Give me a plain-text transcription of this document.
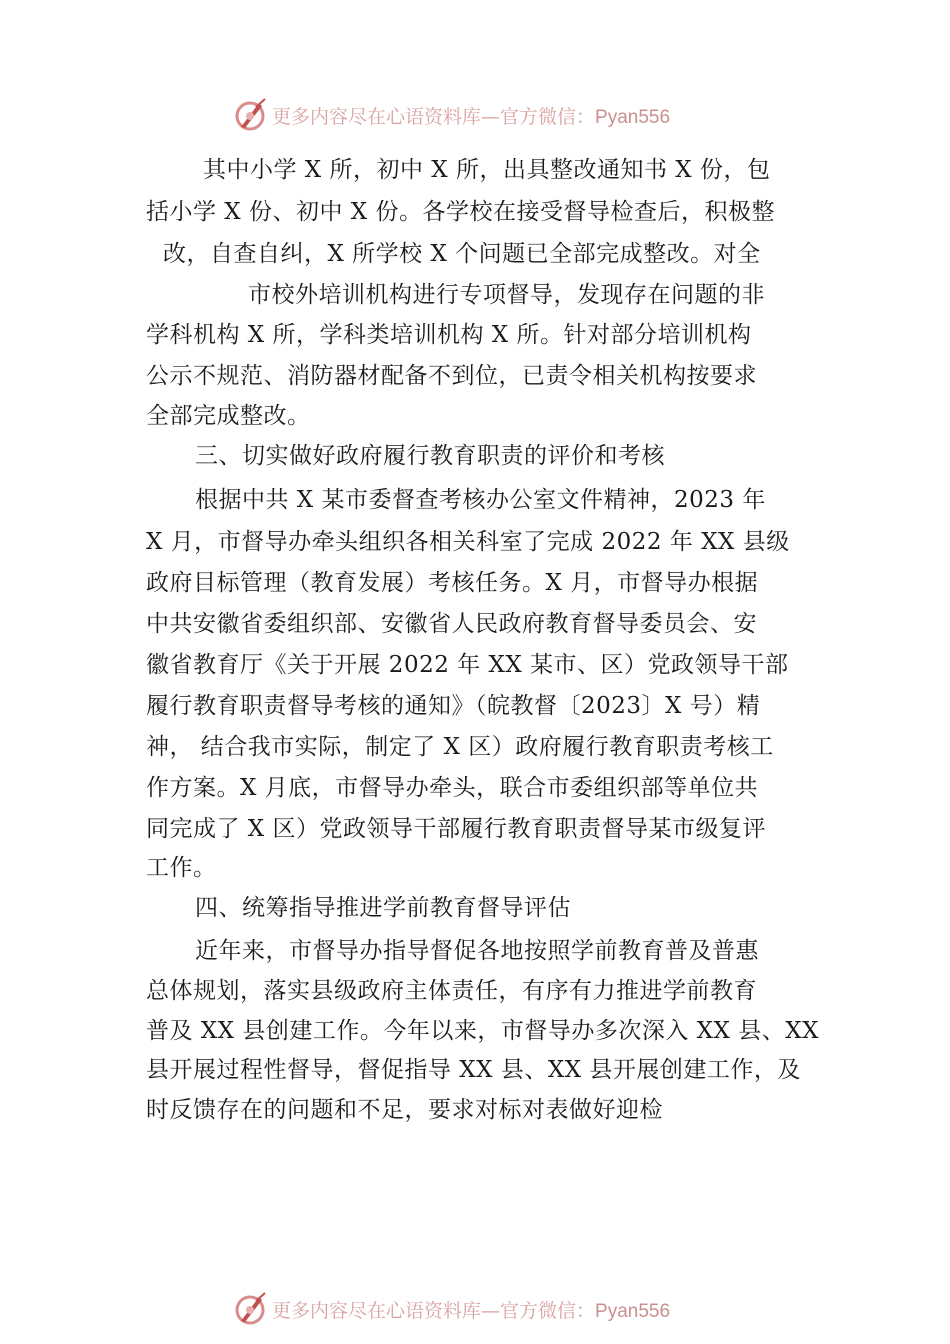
更多内容尽在心语资料库—官方微信：Pyan556
其中小学 X 所，初中 X 所，出具整改通知书 X 份，包
括小学 X 份、初中 X 份。各学校在接受督导检查后，积极整
改，自查自纠，X 所学校 X 个问题已全部完成整改。对全
市校外培训机构进行专项督导，发现存在问题的非
学科机构 X 所，学科类培训机构 X 所。针对部分培训机构
公示不规范、消防器材配备不到位，已责令相关机构按要求
全部完成整改。
三、切实做好政府履行教育职责的评价和考核
根据中共 X 某市委督查考核办公室文件精神，2023 年
X 月，市督导办牵头组织各相关科室了完成 2022 年 XX 县级
政府目标管理（教育发展）考核任务。X 月，市督导办根据
中共安徽省委组织部、安徽省人民政府教育督导委员会、安
徽省教育厅《关于开展 2022 年 XX 某市、区）党政领导干部
履行教育职责督导考核的通知》（皖教督〔2023〕X 号）精
神， 结合我市实际，制定了 X 区）政府履行教育职责考核工
作方案。X 月底，市督导办牵头，联合市委组织部等单位共
同完成了 X 区）党政领导干部履行教育职责督导某市级复评
工作。
四、统筹指导推进学前教育督导评估
近年来，市督导办指导督促各地按照学前教育普及普惠
总体规划，落实县级政府主体责任，有序有力推进学前教育
普及 XX 县创建工作。今年以来，市督导办多次深入 XX 县、XX
县开展过程性督导，督促指导 XX 县、XX 县开展创建工作，及
时反馈存在的问题和不足，要求对标对表做好迎检
更多内容尽在心语资料库—官方微信：Pyan556
